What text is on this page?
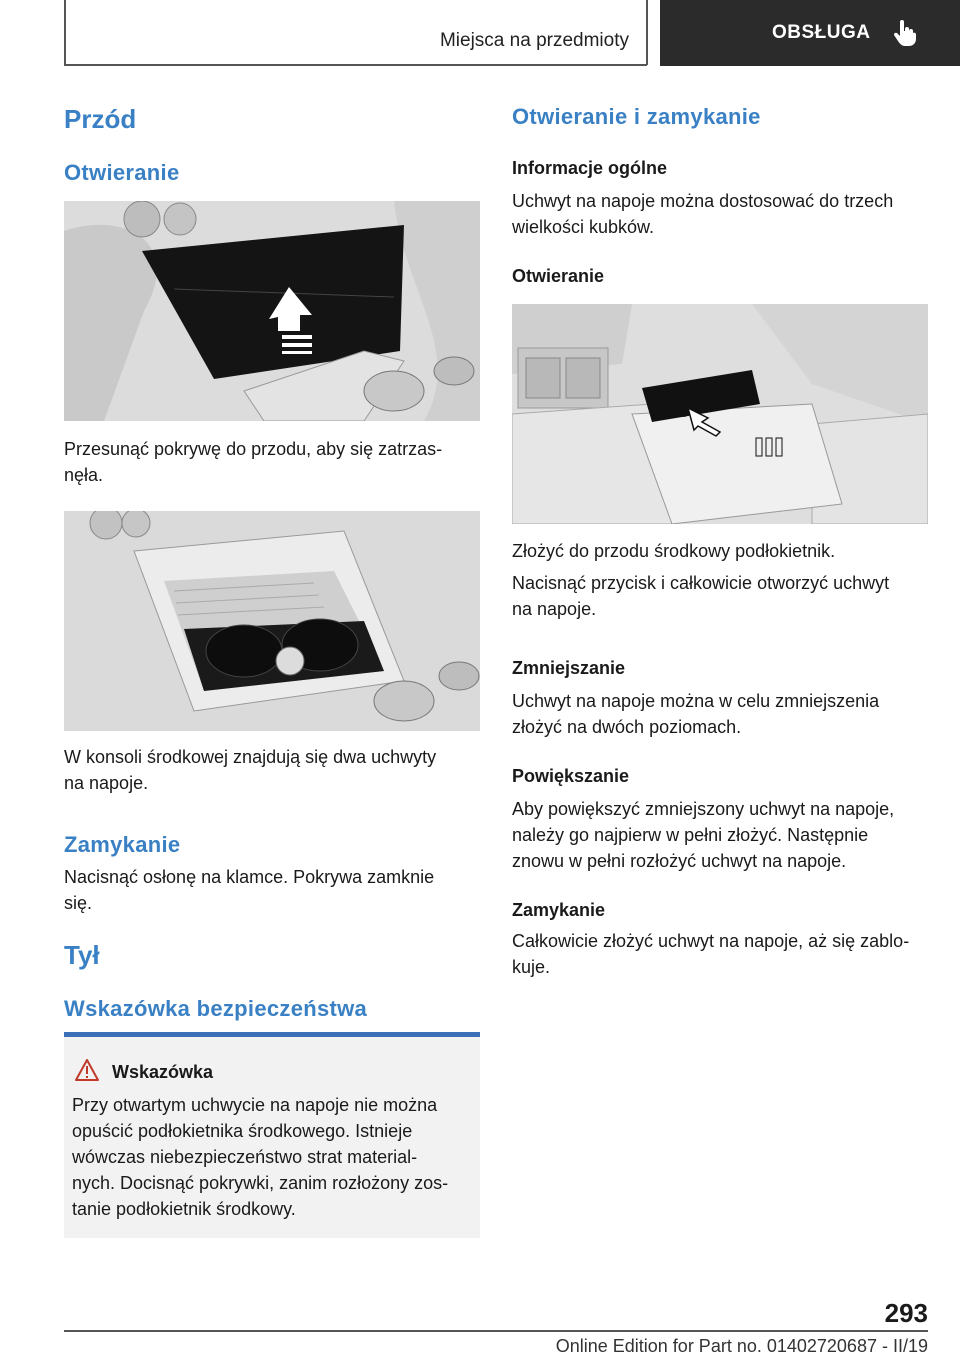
Miejsca na przedmioty	OBSŁUGA
Przód
Otwieranie
Przesunąć pokrywę do przodu, aby się zatrzas-
nęła.
W konsoli środkowej znajdują się dwa uchwyty
na napoje.
Zamykanie
Nacisnąć osłonę na klamce. Pokrywa zamknie
się.
Tył
Wskazówka bezpieczeństwa
Wskazówka
Przy otwartym uchwycie na napoje nie można
opuścić podłokietnika środkowego. Istnieje
wówczas niebezpieczeństwo strat material-
nych. Docisnąć pokrywki, zanim rozłożony zos-
tanie podłokietnik środkowy.
Otwieranie i zamykanie
Informacje ogólne
Uchwyt na napoje można dostosować do trzech
wielkości kubków.
Otwieranie
Złożyć do przodu środkowy podłokietnik.
Nacisnąć przycisk i całkowicie otworzyć uchwyt
na napoje.
Zmniejszanie
Uchwyt na napoje można w celu zmniejszenia
złożyć na dwóch poziomach.
Powiększanie
Aby powiększyć zmniejszony uchwyt na napoje,
należy go najpierw w pełni złożyć. Następnie
znowu w pełni rozłożyć uchwyt na napoje.
Zamykanie
Całkowicie złożyć uchwyt na napoje, aż się zablo-
kuje.
293
Online Edition for Part no. 01402720687 - II/19
